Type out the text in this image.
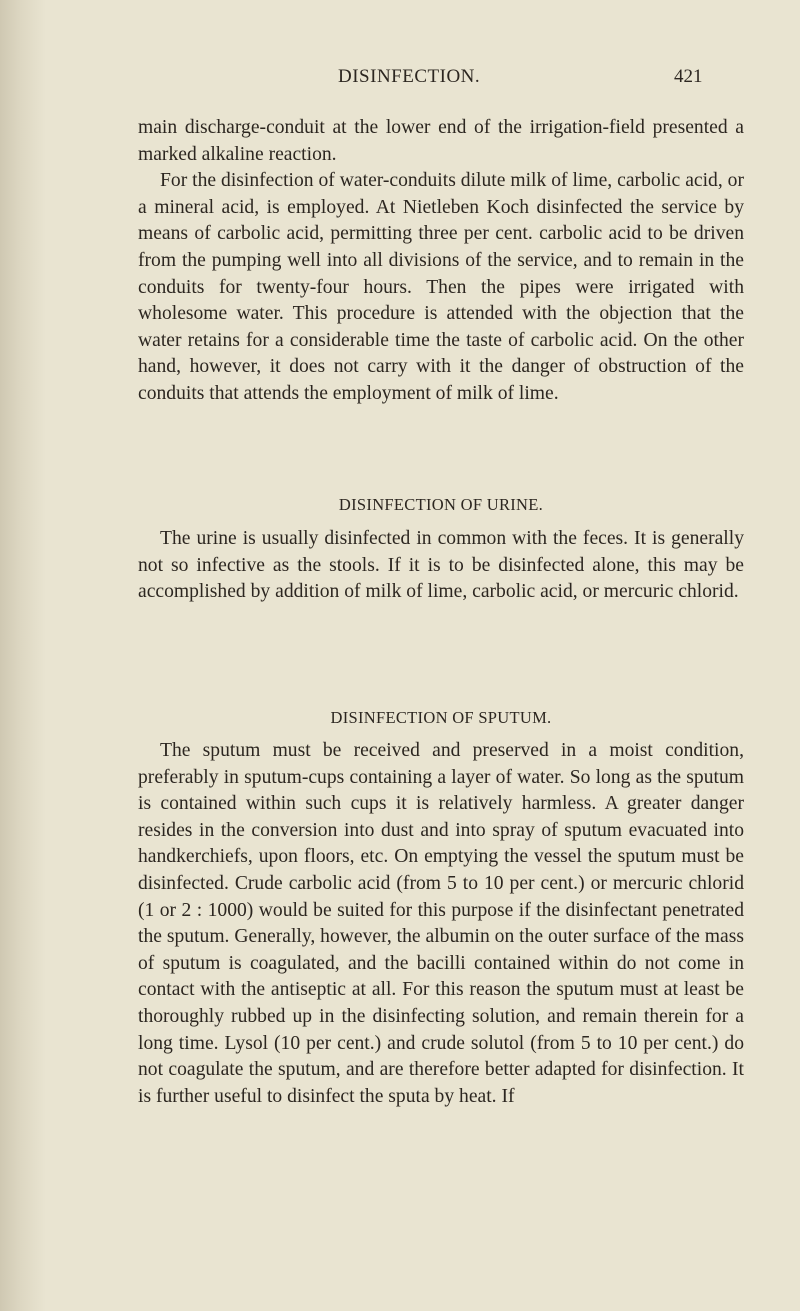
DISINFECTION.	421

main discharge-conduit at the lower end of the irrigation-field presented a marked alkaline reaction.

For the disinfection of water-conduits dilute milk of lime, carbolic acid, or a mineral acid, is employed. At Nietleben Koch disinfected the service by means of carbolic acid, permitting three per cent. carbolic acid to be driven from the pumping well into all divisions of the service, and to remain in the conduits for twenty-four hours. Then the pipes were irrigated with wholesome water. This procedure is attended with the objection that the water retains for a considerable time the taste of carbolic acid. On the other hand, however, it does not carry with it the danger of obstruction of the conduits that attends the employment of milk of lime.

DISINFECTION OF URINE.

The urine is usually disinfected in common with the feces. It is generally not so infective as the stools. If it is to be disinfected alone, this may be accomplished by addition of milk of lime, carbolic acid, or mercuric chlorid.

DISINFECTION OF SPUTUM.

The sputum must be received and preserved in a moist condition, preferably in sputum-cups containing a layer of water. So long as the sputum is contained within such cups it is relatively harmless. A greater danger resides in the conversion into dust and into spray of sputum evacuated into handkerchiefs, upon floors, etc. On emptying the vessel the sputum must be disinfected. Crude carbolic acid (from 5 to 10 per cent.) or mercuric chlorid (1 or 2 : 1000) would be suited for this purpose if the disinfectant penetrated the sputum. Generally, however, the albumin on the outer surface of the mass of sputum is coagulated, and the bacilli contained within do not come in contact with the antiseptic at all. For this reason the sputum must at least be thoroughly rubbed up in the disinfecting solution, and remain therein for a long time. Lysol (10 per cent.) and crude solutol (from 5 to 10 per cent.) do not coagulate the sputum, and are therefore better adapted for disinfection. It is further useful to disinfect the sputa by heat. If
